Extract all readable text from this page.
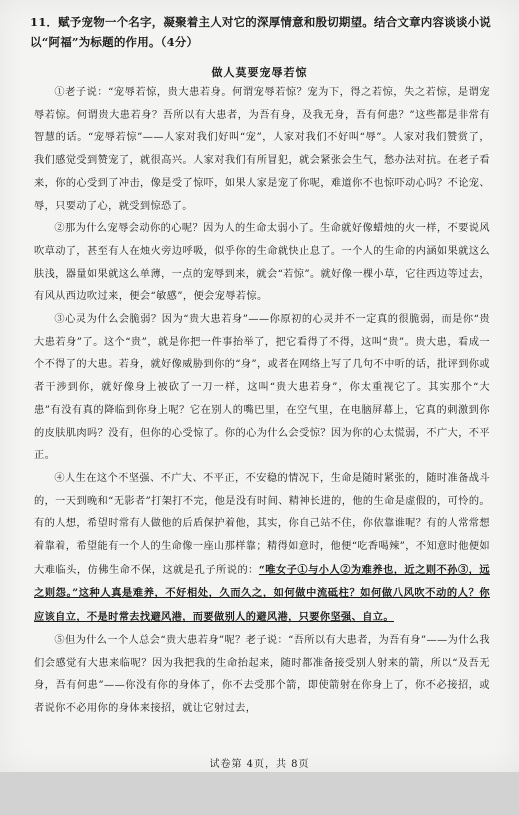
11．赋予宠物一个名字，凝聚着主人对它的深厚情意和殷切期望。结合文章内容谈谈小说以“阿福”为标题的作用。（4分）
做人莫要宠辱若惊

①老子说：“宠辱若惊，贵大患若身。何谓宠辱若惊？宠为下，得之若惊，失之若惊，是谓宠辱若惊。何谓贵大患若身？吾所以有大患者，为吾有身，及我无身，吾有何患？”这些都是非常有智慧的话。“宠辱若惊”——人家对我们好叫“宠”，人家对我们不好叫“辱”。人家对我们赞赏了，我们感觉受到赞宠了，就很高兴。人家对我们有所冒犯，就会紧张会生气，愁办法对抗。在老子看来，你的心受到了冲击，像是受了惊吓，如果人家是宠了你呢，难道你不也惊吓动心吗？不论宠、辱，只要动了心，就受到惊恐了。

②那为什么宠辱会动你的心呢？因为人的生命太弱小了。生命就好像蜡烛的火一样，不要说风吹草动了，甚至有人在烛火旁边呼吸，似乎你的生命就快止息了。一个人的生命的内涵如果就这么肤浅，器量如果就这么单薄，一点的宠辱到来，就会“若惊”。就好像一棵小草，它往西边等过去，有风从西边吹过来，便会“敏感”，便会宠辱若惊。

③心灵为什么会脆弱？因为“贵大患若身”——你原初的心灵并不一定真的很脆弱，而是你“贵大患若身”了。这个“贵”，就是你把一件事抬举了，把它看得了不得，这叫“贵”。贵大患，看成一个不得了的大患。若身，就好像威胁到你的“身”，或者在网络上写了几句不中听的话，批评到你或者干涉到你，就好像身上被砍了一刀一样，这叫“贵大患若身”，你太重视它了。其实那个“大患”有没有真的降临到你身上呢？它在别人的嘴巴里，在空气里，在电脑屏幕上，它真的刺激到你的皮肤肌肉吗？没有，但你的心受惊了。你的心为什么会受惊？因为你的心太慌弱，不广大，不平正。

④人生在这个不坚强、不广大、不平正，不安稳的情况下，生命是随时紧张的，随时准备战斗的，一天到晚和“无影者”打架打不完，他是没有时间、精神长进的，他的生命是虚假的，可怜的。有的人想，希望时常有人做他的后盾保护着他，其实，你自己站不住，你依靠谁呢？有的人常常想着靠着，希望能有一个人的生命像一座山那样靠；精得如意时，他便“吃香喝辣”，不知意时他便如大难临头，仿佛生命不保，这就是孔子所说的：“唯女子①与小人②为难养也，近之则不孙③，远之则怨。”这种人真是难养，不好相处，久而久之，如何做中流砥柱？如何做八风吹不动的人？你应该自立，不是时常去找避风港，而要做别人的避风港，只要你坚强、自立。

⑤但为什么一个人总会“贵大患若身”呢？老子说：“吾所以有大患者，为吾有身”——为什么我们会感觉有大患来临呢？因为我把我的生命抬起来，随时都准备接受别人射来的箭，所以“及吾无身，吾有何患”——你没有你的身体了，你不去受那个箭，即使箭射在你身上了，你不必接招，或者说你不必用你的身体来接招，就让它射过去，

试卷第 4页，共 8页
